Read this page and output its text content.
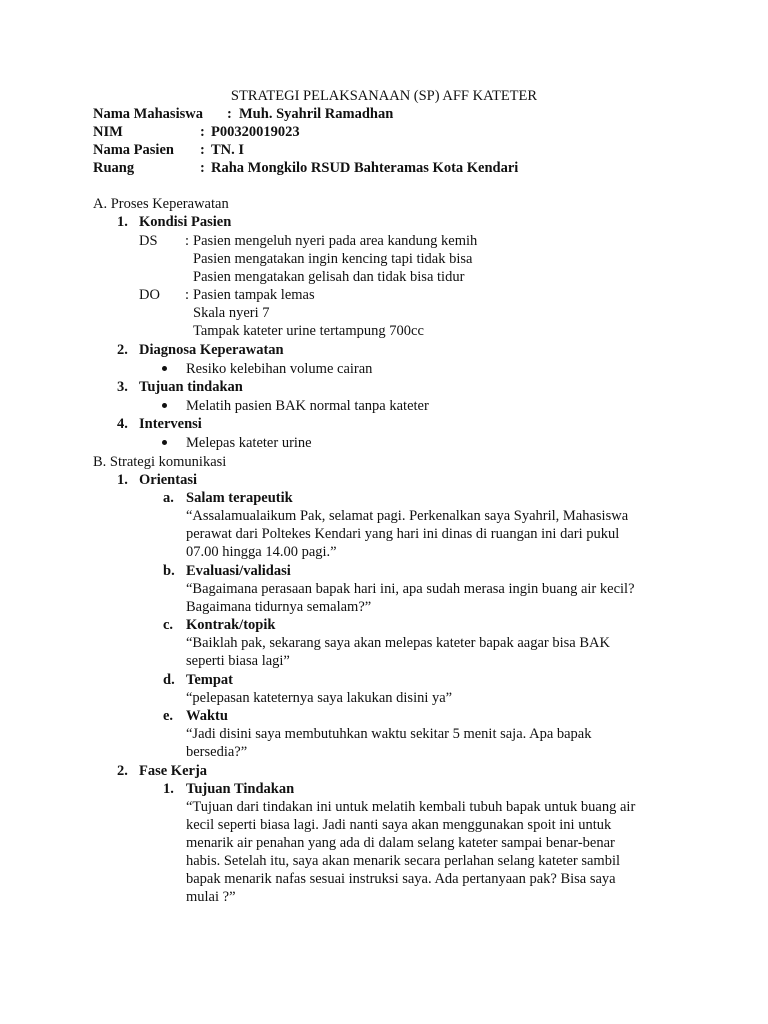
STRATEGI PELAKSANAAN (SP) AFF KATETER
Nama Mahasiswa : Muh. Syahril Ramadhan
NIM	: P00320019023
Nama Pasien : TN. I
Ruang	: Raha Mongkilo RSUD Bahteramas Kota Kendari
A. Proses Keperawatan
1. Kondisi Pasien
DS : Pasien mengeluh nyeri pada area kandung kemih
Pasien mengatakan ingin kencing tapi tidak bisa
Pasien mengatakan gelisah dan tidak bisa tidur
DO : Pasien tampak lemas
Skala nyeri 7
Tampak kateter urine tertampung 700cc
2. Diagnosa Keperawatan
Resiko kelebihan volume cairan
3. Tujuan tindakan
Melatih pasien BAK normal tanpa kateter
4. Intervensi
Melepas kateter urine
B. Strategi komunikasi
1. Orientasi
a. Salam terapeutik
“Assalamualaikum Pak, selamat pagi. Perkenalkan saya Syahril, Mahasiswa
perawat dari Poltekes Kendari yang hari ini dinas di ruangan ini dari pukul
07.00 hingga 14.00 pagi.”
b. Evaluasi/validasi
“Bagaimana perasaan bapak hari ini, apa sudah merasa ingin buang air kecil?
Bagaimana tidurnya semalam?”
c. Kontrak/topik
“Baiklah pak, sekarang saya akan melepas kateter bapak aagar bisa BAK
seperti biasa lagi”
d. Tempat
“pelepasan kateternya saya lakukan disini ya”
e. Waktu
“Jadi disini saya membutuhkan waktu sekitar 5 menit saja. Apa bapak
bersedia?”
2. Fase Kerja
1. Tujuan Tindakan
“Tujuan dari tindakan ini untuk melatih kembali tubuh bapak untuk buang air
kecil seperti biasa lagi. Jadi nanti saya akan menggunakan spoit ini untuk
menarik air penahan yang ada di dalam selang kateter sampai benar-benar
habis. Setelah itu, saya akan menarik secara perlahan selang kateter sambil
bapak menarik nafas sesuai instruksi saya. Ada pertanyaan pak? Bisa saya
mulai ?”
